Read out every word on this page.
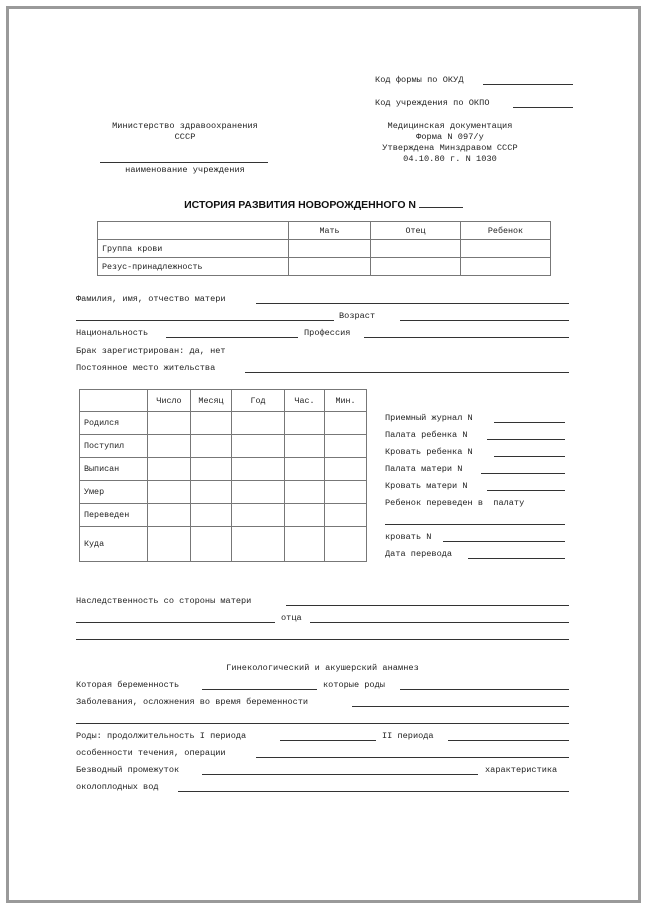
Код формы по ОКУД
Код учреждения по ОКПО
Медицинская документация
Форма N 097/у
Утверждена Минздравом СССР
04.10.80 г. N 1030
Министерство здравоохранения
СССР
наименование учреждения
ИСТОРИЯ РАЗВИТИЯ НОВОРОЖДЕННОГО N
	Мать	Отец	Ребенок
Группа крови			
Резус-принадлежность			
Фамилия, имя, отчество матери
Возраст
Национальность	Профессия
Брак зарегистрирован: да, нет
Постоянное место жительства
	Число	Месяц	Год	Час.	Мин.
Родился					
Поступил					
Выписан					
Умер					
Переведен					
Куда					
Приемный журнал N
Палата ребенка N
Кровать ребенка N
Палата матери N
Кровать матери N
Ребенок переведен в  палату
кровать N
Дата перевода
Наследственность со стороны матери
отца
Гинекологический и акушерский анамнез
Которая беременность	которые роды
Заболевания, осложнения во время беременности
Роды: продолжительность I периода	II периода
особенности течения, операции
Безводный промежуток	характеристика
околоплодных вод
